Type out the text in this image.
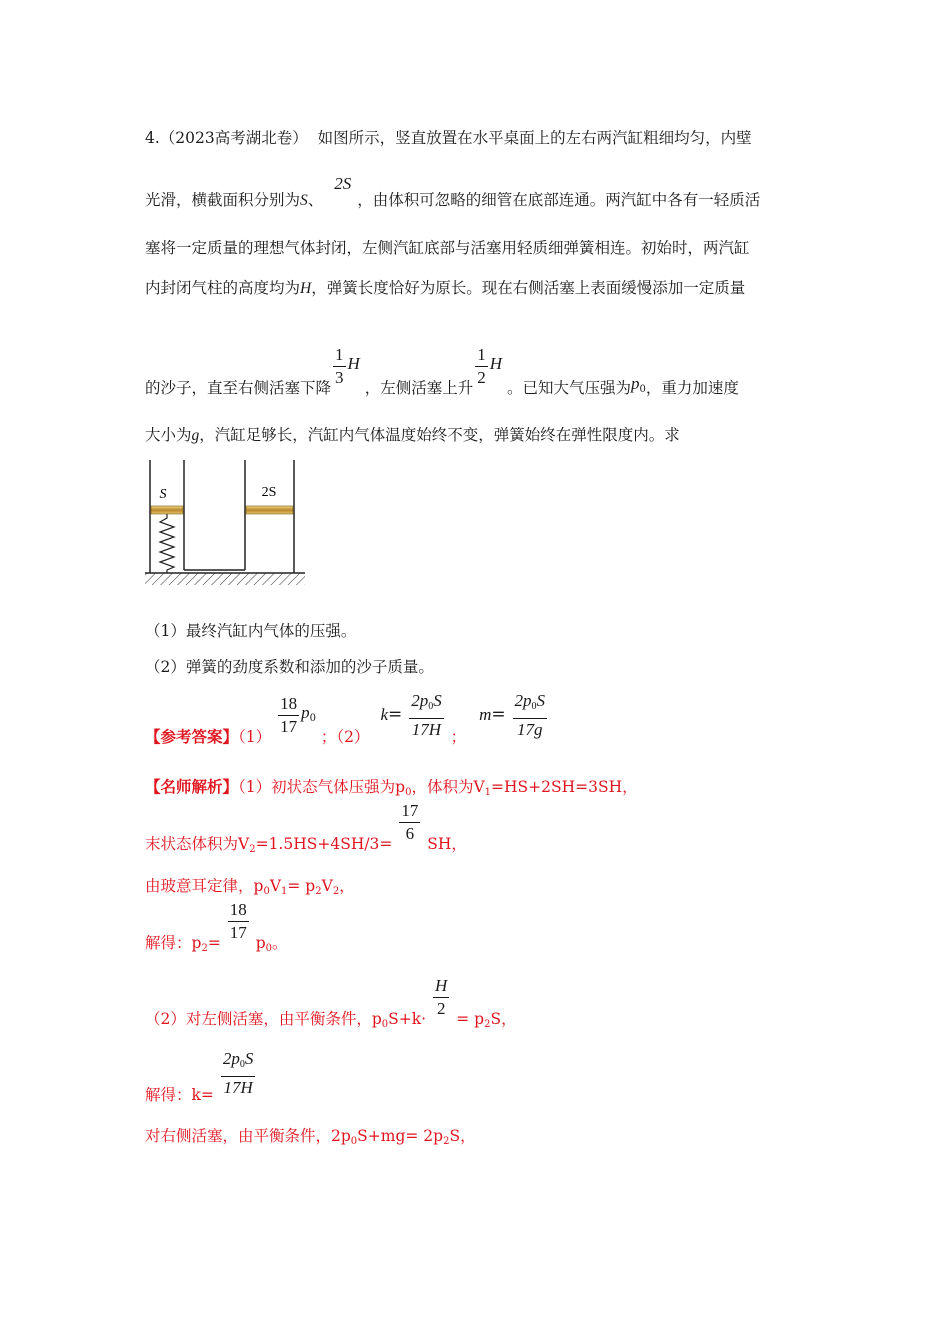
4.（2023高考湖北卷） 如图所示，竖直放置在水平桌面上的左右两汽缸粗细均匀，内壁
光滑，横截面积分别为S、 2S，由体积可忽略的细管在底部连通。两汽缸中各有一轻质活
塞将一定质量的理想气体封闭，左侧汽缸底部与活塞用轻质细弹簧相连。初始时，两汽缸
内封闭气柱的高度均为H，弹簧长度恰好为原长。现在右侧活塞上表面缓慢添加一定质量
的沙子，直至右侧活塞下降 $\frac{1}{3}$ H ，左侧活塞上升 $\frac{1}{2}$ H 。已知大气压强为$p_0$，重力加速度
大小为g，汽缸足够长，汽缸内气体温度始终不变，弹簧始终在弹性限度内。求
S	2S
（1）最终汽缸内气体的压强。
（2）弹簧的劲度系数和添加的沙子质量。
【参考答案】$(1) \frac{18}{17} p_0$ ；（2） $k= \frac{2p_0S}{17H}$ ； $m= \frac{2p_0S}{17g}$
【名师解析】（1）初状态气体压强为$p_0$，体积为$V_1=HS+2SH=3SH$，
末状态体积为$V_2=1.5HS+4SH/3= \frac{17}{6}$ SH，
由玻意耳定律，$p_0V_1= p_2V_2$，
解得：$p_2= \frac{18}{17} p_0$。
（2）对左侧活塞，由平衡条件，$p_0S+k\cdot \frac{H}{2} = p_2S$，
解得：$k= \frac{2p_0S}{17H}$
对右侧活塞，由平衡条件，$2p_0S+mg= 2p_2S$，
